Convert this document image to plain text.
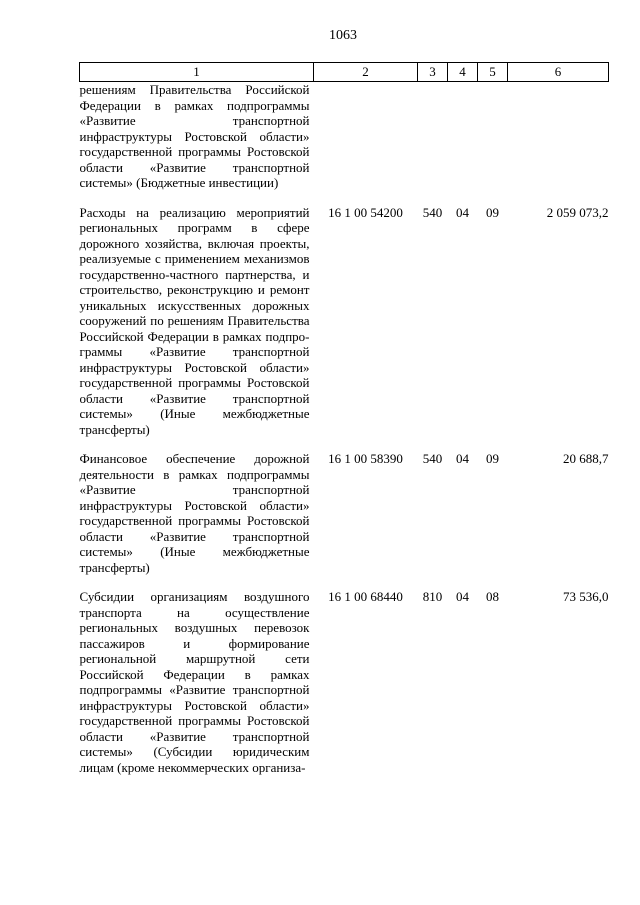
1063
1	2	3	4	5	6
решениям Правительства Российской Федерации в рамках подпрограммы «Развитие транспортной инфраструктуры Ростовской области» государственной программы Ростовской области «Развитие транспортной системы» (Бюджетные инвестиции)					

Расходы на реализацию мероприятий региональных программ в сфере дорожного хозяйства, включая проекты, реализуемые с применением механизмов государственно-частного партнерства, и строительство, реконструкцию и ремонт уникальных искусственных дорожных сооружений по решениям Правительства Российской Федерации в рамках подпрограммы «Развитие транспортной инфраструктуры Ростовской области» государственной программы Ростовской области «Развитие транспортной системы» (Иные межбюджетные трансферты)	16 1 00 54200	540	04	09	2 059 073,2

Финансовое обеспечение дорожной деятельности в рамках подпрограммы «Развитие транспортной инфраструктуры Ростовской области» государственной программы Ростовской области «Развитие транспортной системы» (Иные межбюджетные трансферты)	16 1 00 58390	540	04	09	20 688,7

Субсидии организациям воздушного транспорта на осуществление региональных воздушных перевозок пассажиров и формирование региональной маршрутной сети Российской Федерации в рамках подпрограммы «Развитие транспортной инфраструктуры Ростовской области» государственной программы Ростовской области «Развитие транспортной системы» (Субсидии юридическим лицам (кроме некоммерческих организа-	16 1 00 68440	810	04	08	73 536,0
